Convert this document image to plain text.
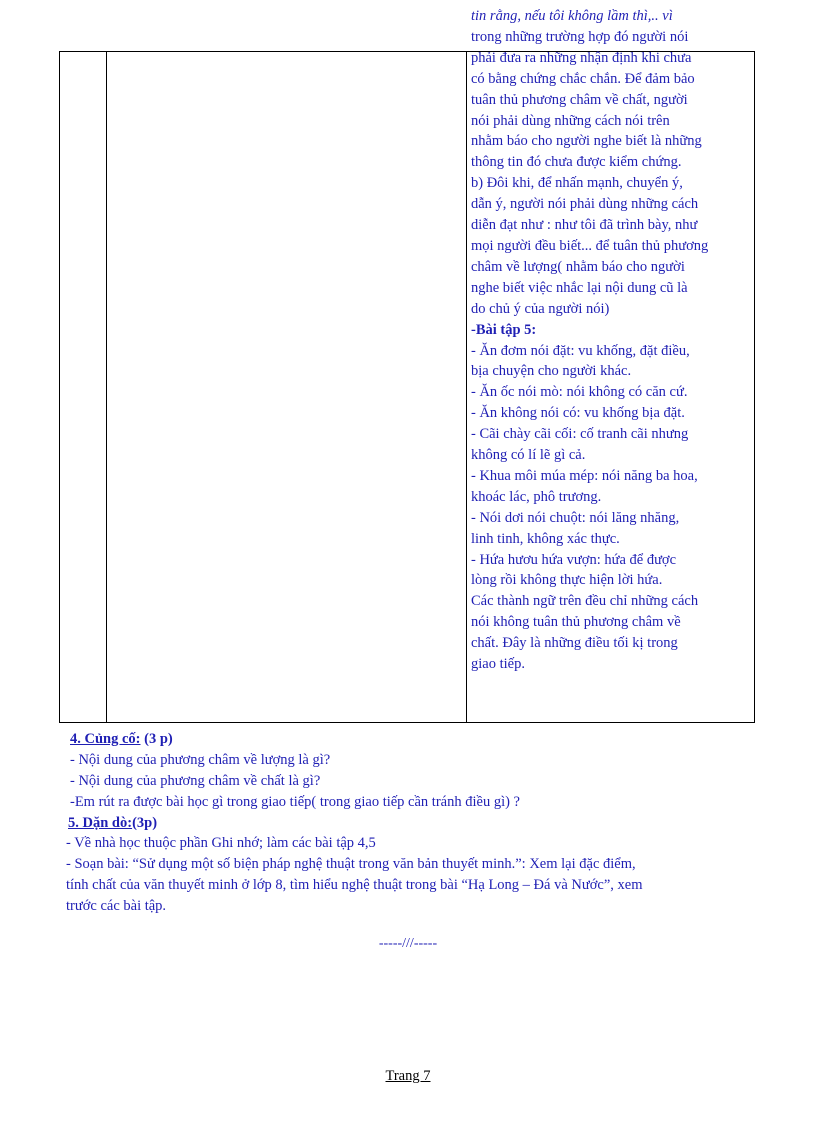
tin rằng, nếu tôi không lầm thì,.. vì

trong những trường hợp đó người nói

phải đưa ra những nhận định khi chưa

có bằng chứng chắc chắn. Để đảm bảo

tuân thủ phương châm về chất, người

nói phải dùng những cách nói trên

nhằm báo cho người nghe biết là những

thông tin đó chưa được kiểm chứng.

b) Đôi khi, để nhấn mạnh, chuyển ý,

dẫn ý, người nói phải dùng những cách

diễn đạt như : như tôi đã trình bày, như

mọi người đều biết... để tuân thủ phương

châm về lượng( nhằm báo cho người

nghe biết việc nhắc lại nội dung cũ là

do chủ ý của người nói)

-Bài tập 5:

- Ăn đơm nói đặt: vu khống, đặt điều,

bịa chuyện cho người khác.

- Ăn ốc nói mò: nói không có căn cứ.

- Ăn không nói có: vu khống bịa đặt.

- Cãi chày cãi cối: cố tranh cãi nhưng

không có lí lẽ gì cả.

- Khua môi múa mép: nói năng ba hoa,

khoác lác, phô trương.

- Nói dơi nói chuột: nói lăng nhăng,

linh tinh, không xác thực.

- Hứa hươu hứa vượn: hứa để được

lòng rồi không thực hiện lời hứa.

Các thành ngữ trên đều chỉ những cách

nói không tuân thủ phương châm về

chất. Đây là những điều tối kị trong

giao tiếp.

4. Củng cố: (3 p)
- Nội dung của phương châm về lượng là gì?
- Nội dung của phương châm về chất là gì?
-Em rút ra được bài học gì trong giao tiếp( trong giao tiếp cần tránh điều gì) ?
5. Dặn dò:(3p)
- Về nhà học thuộc phần Ghi nhớ; làm các bài tập 4,5
- Soạn bài: “Sử dụng một số biện pháp nghệ thuật trong văn bản thuyết minh.”: Xem lại đặc điểm,
tính chất của văn thuyết minh ở lớp 8, tìm hiểu nghệ thuật trong bài “Hạ Long – Đá và Nước”, xem
trước các bài tập.
-----///-----
Trang 7
